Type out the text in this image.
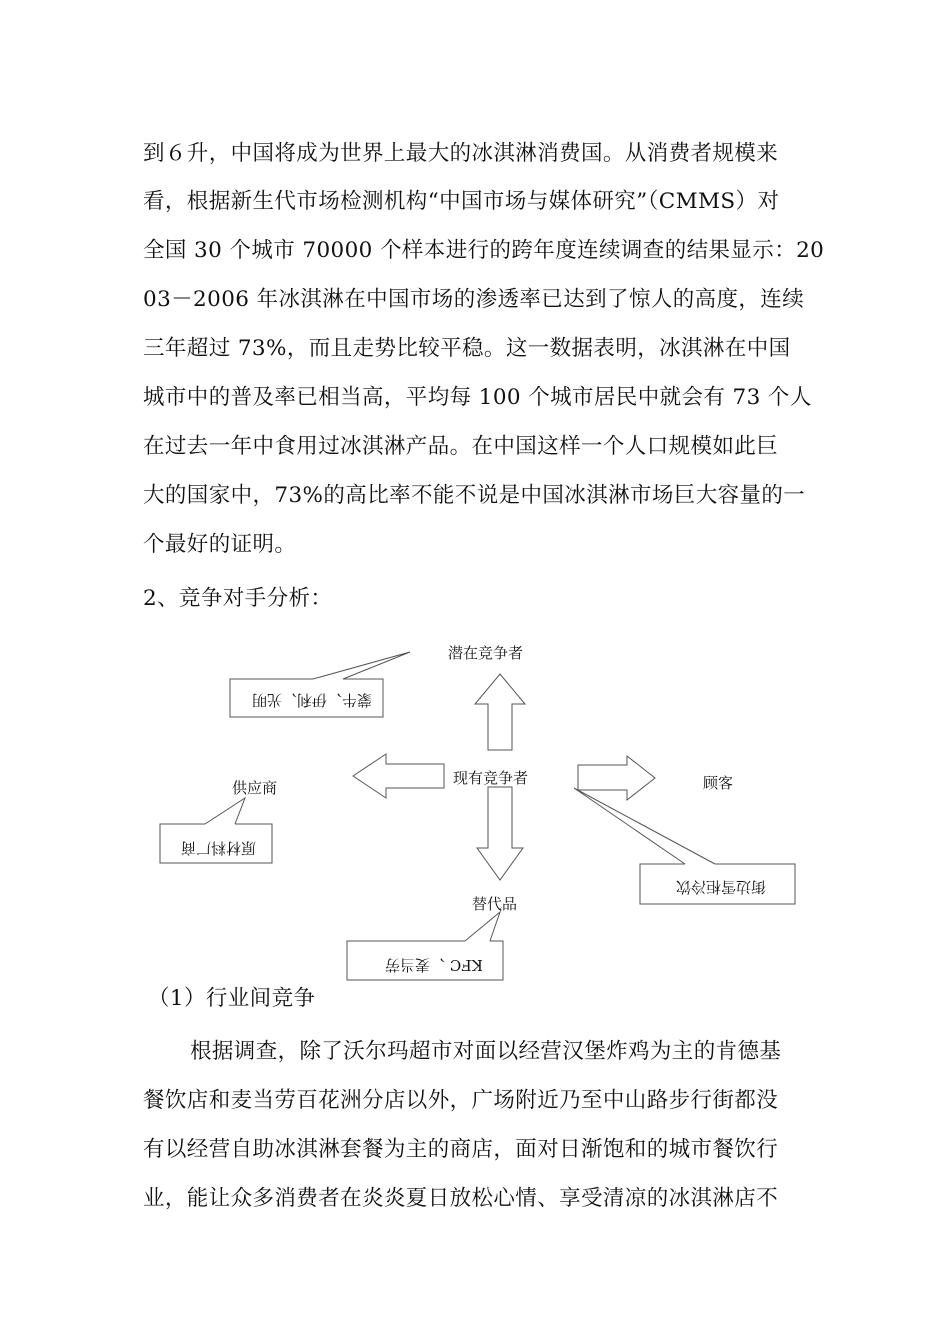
到６升，中国将成为世界上最大的冰淇淋消费国。从消费者规模来
看，根据新生代市场检测机构“中国市场与媒体研究”（CMMS）对
全国 30 个城市 70000 个样本进行的跨年度连续调查的结果显示：20
03－2006 年冰淇淋在中国市场的渗透率已达到了惊人的高度，连续
三年超过 73%，而且走势比较平稳。这一数据表明，冰淇淋在中国
城市中的普及率已相当高，平均每 100 个城市居民中就会有 73 个人
在过去一年中食用过冰淇淋产品。在中国这样一个人口规模如此巨
大的国家中，73%的高比率不能不说是中国冰淇淋市场巨大容量的一
个最好的证明。
2、竞争对手分析：
潜在竞争者
现有竞争者
供应商	顾客
替代品
蒙牛、伊利、光明
原材料厂商
街边雪柜冷饮
KFC 、麦当劳
（1）行业间竞争
根据调查，除了沃尔玛超市对面以经营汉堡炸鸡为主的肯德基
餐饮店和麦当劳百花洲分店以外，广场附近乃至中山路步行街都没
有以经营自助冰淇淋套餐为主的商店，面对日渐饱和的城市餐饮行
业，能让众多消费者在炎炎夏日放松心情、享受清凉的冰淇淋店不
